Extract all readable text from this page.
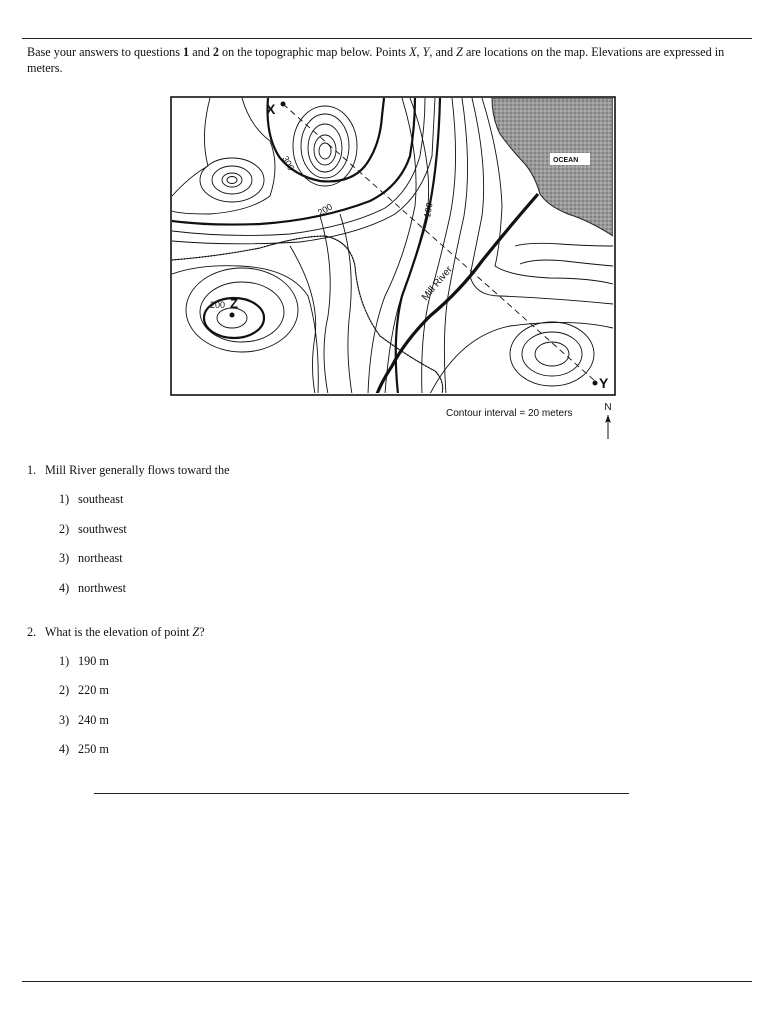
Base your answers to questions 1 and 2 on the topographic map below. Points X, Y, and Z are locations on the map. Elevations are expressed in meters.
X
Y
Z
200
OCEAN
300
200	100
Mill River
Contour interval = 20 meters
N
1. Mill River generally flows toward the
1) southeast
2) southwest
3) northeast
4) northwest
2. What is the elevation of point Z?
1) 190 m
2) 220 m
3) 240 m
4) 250 m
